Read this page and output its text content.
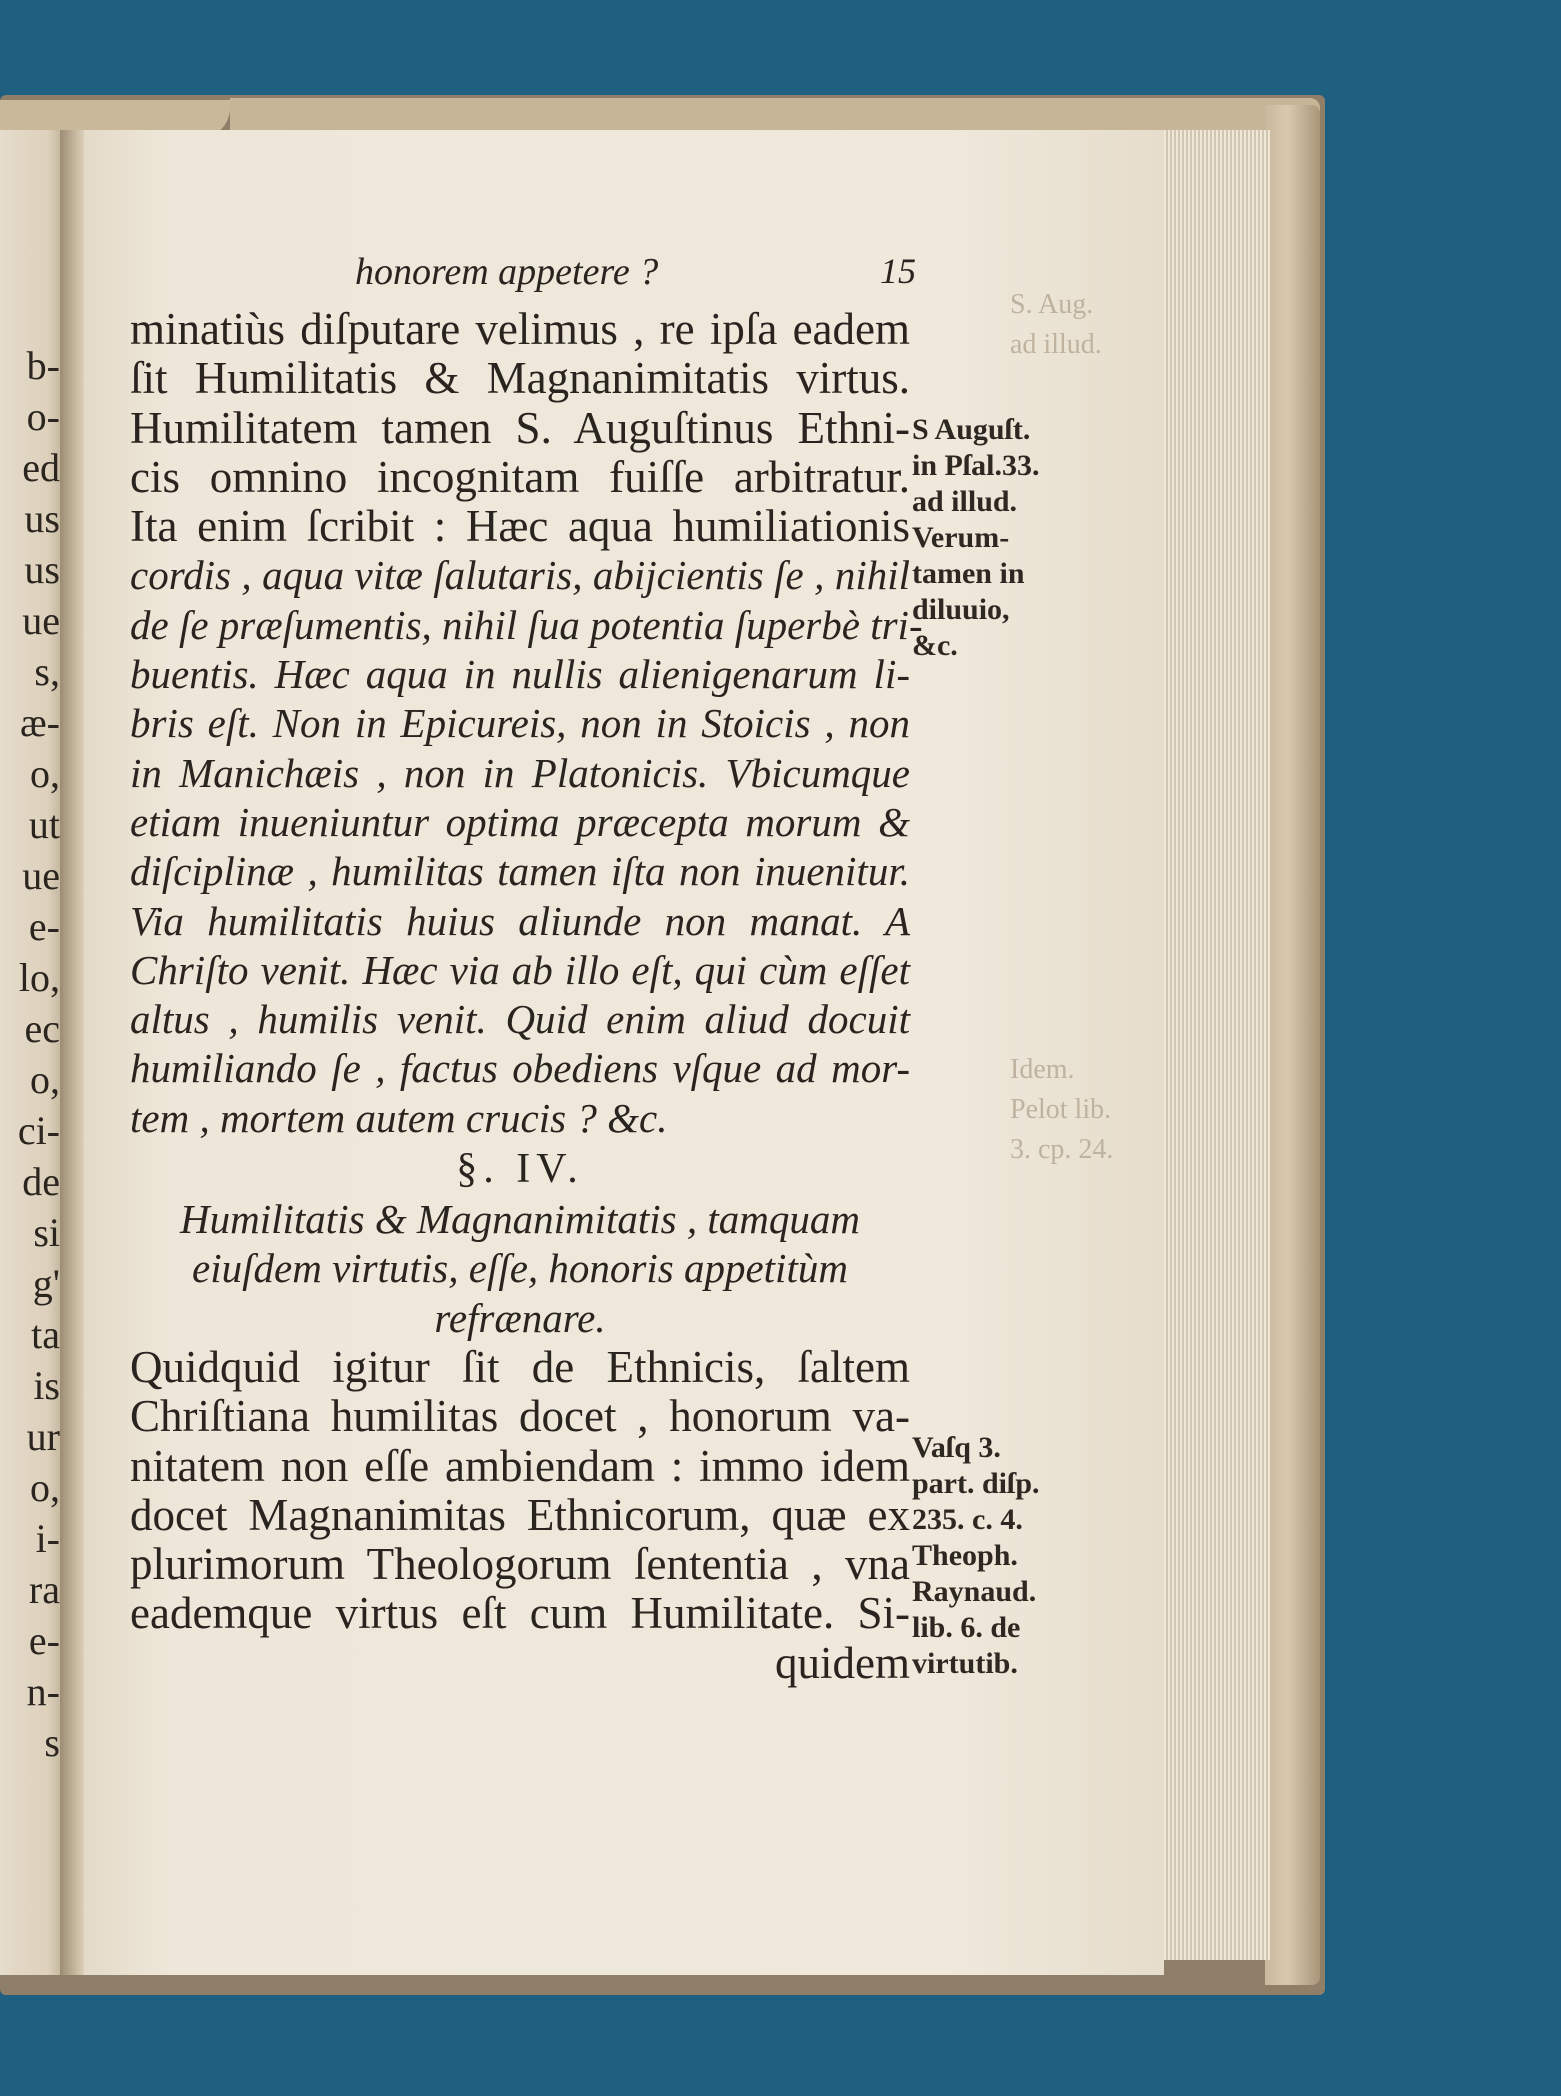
b-
o-
ed
us
us
ue
s,
æ-
o,
ut
ue
e-
lo,
ec
o,
ci-
de
si
g'
ta
is
ur
o,
i-
ra
e-
n-
s
S. Aug.
ad illud.
Idem.
Pelot lib.
3. cp. 24.
honorem appetere ?	15
minatiùs diſputare velimus , re ipſa eadem
ſit Humilitatis & Magnanimitatis virtus.
Humilitatem tamen S. Auguſtinus Ethni-
cis omnino incognitam fuiſſe arbitratur.
Ita enim ſcribit : Hæc aqua humiliationis
cordis , aqua vitæ ſalutaris, abijcientis ſe , nihil
de ſe præſumentis, nihil ſua potentia ſuperbè tri-
buentis. Hæc aqua in nullis alienigenarum li-
bris eſt. Non in Epicureis, non in Stoicis , non
in Manichæis , non in Platonicis. Vbicumque
etiam inueniuntur optima præcepta morum &
diſciplinæ , humilitas tamen iſta non inuenitur.
Via humilitatis huius aliunde non manat. A
Chriſto venit. Hæc via ab illo eſt, qui cùm eſſet
altus , humilis venit. Quid enim aliud docuit
humiliando ſe , factus obediens vſque ad mor-
tem , mortem autem crucis ? &c.
§. IV.
Humilitatis & Magnanimitatis , tamquam
eiuſdem virtutis, eſſe, honoris appetitùm
refrænare.
Quidquid igitur ſit de Ethnicis, ſaltem
Chriſtiana humilitas docet , honorum va-
nitatem non eſſe ambiendam : immo idem
docet Magnanimitas Ethnicorum, quæ ex
plurimorum Theologorum ſententia , vna
eademque virtus eſt cum Humilitate. Si-
quidem
S Auguſt.
in Pſal.33.
ad illud.
Verum-
tamen in
diluuio,
&c.
Vaſq 3.
part. diſp.
235. c. 4.
Theoph.
Raynaud.
lib. 6. de
virtutib.
